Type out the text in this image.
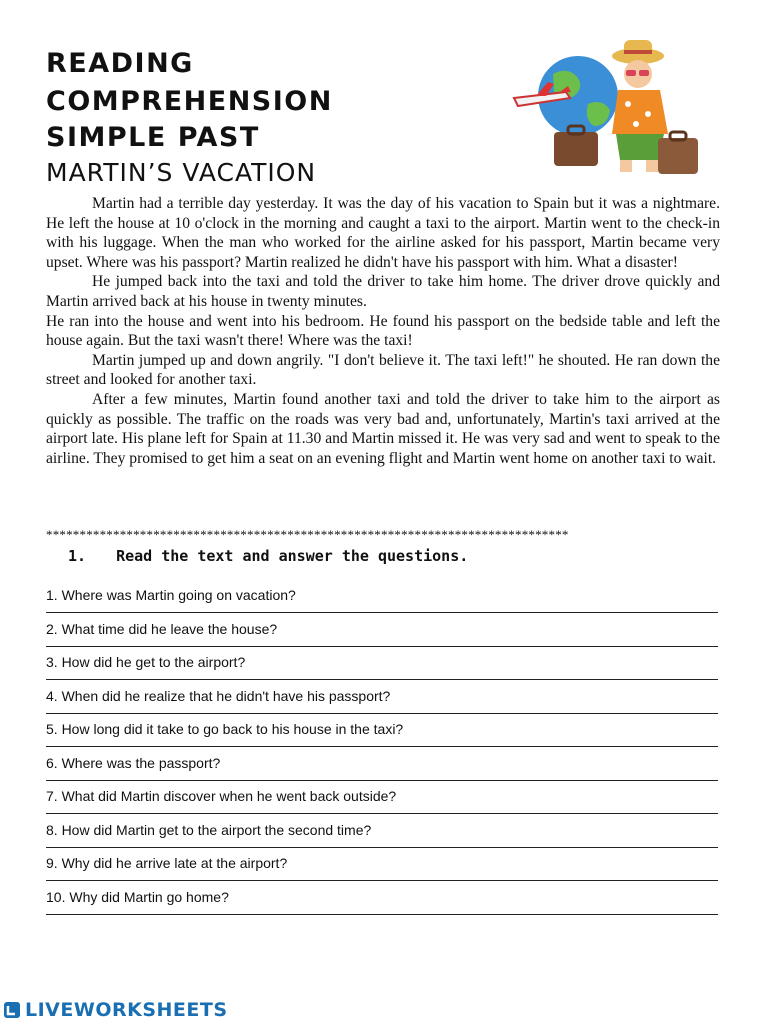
READING
COMPREHENSION
SIMPLE PAST
MARTIN’S VACATION

Martin had a terrible day yesterday. It was the day of his vacation to Spain but it was a nightmare. He left the house at 10 o'clock in the morning and caught a taxi to the airport. Martin went to the check-in with his luggage. When the man who worked for the airline asked for his passport, Martin became very upset. Where was his passport? Martin realized he didn't have his passport with him. What a disaster!

He jumped back into the taxi and told the driver to take him home. The driver drove quickly and Martin arrived back at his house in twenty minutes.

He ran into the house and went into his bedroom. He found his passport on the bedside table and left the house again. But the taxi wasn't there! Where was the taxi!

Martin jumped up and down angrily. "I don't believe it. The taxi left!" he shouted. He ran down the street and looked for another taxi.

After a few minutes, Martin found another taxi and told the driver to take him to the airport as quickly as possible. The traffic on the roads was very bad and, unfortunately, Martin's taxi arrived at the airport late. His plane left for Spain at 11.30 and Martin missed it. He was very sad and went to speak to the airline. They promised to get him a seat on an evening flight and Martin went home on another taxi to wait.

******************************************************************************
1. Read the text and answer the questions.
1. Where was Martin going on vacation?
2. What time did he leave the house?
3. How did he get to the airport?
4. When did he realize that he didn't have his passport?
5. How long did it take to go back to his house in the taxi?
6. Where was the passport?
7. What did Martin discover when he went back outside?
8. How did Martin get to the airport the second time?
9. Why did he arrive late at the airport?
10. Why did Martin go home?
LIVEWORKSHEETS
